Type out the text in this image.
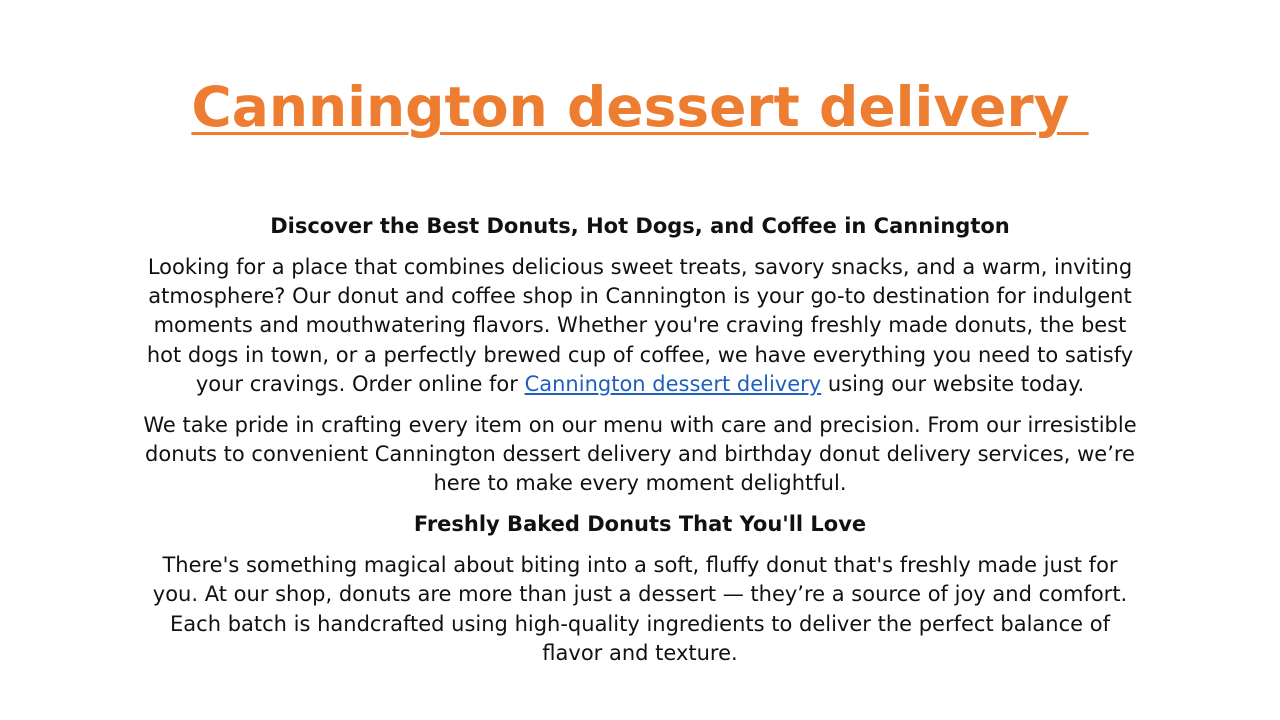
Cannington dessert delivery
Discover the Best Donuts, Hot Dogs, and Coffee in Cannington

Looking for a place that combines delicious sweet treats, savory snacks, and a warm, inviting atmosphere? Our donut and coffee shop in Cannington is your go-to destination for indulgent moments and mouthwatering flavors. Whether you're craving freshly made donuts, the best hot dogs in town, or a perfectly brewed cup of coffee, we have everything you need to satisfy your cravings. Order online for Cannington dessert delivery using our website today.

We take pride in crafting every item on our menu with care and precision. From our irresistible donuts to convenient Cannington dessert delivery and birthday donut delivery services, we’re here to make every moment delightful.

Freshly Baked Donuts That You'll Love

There's something magical about biting into a soft, fluffy donut that's freshly made just for you. At our shop, donuts are more than just a dessert — they’re a source of joy and comfort. Each batch is handcrafted using high-quality ingredients to deliver the perfect balance of flavor and texture.
